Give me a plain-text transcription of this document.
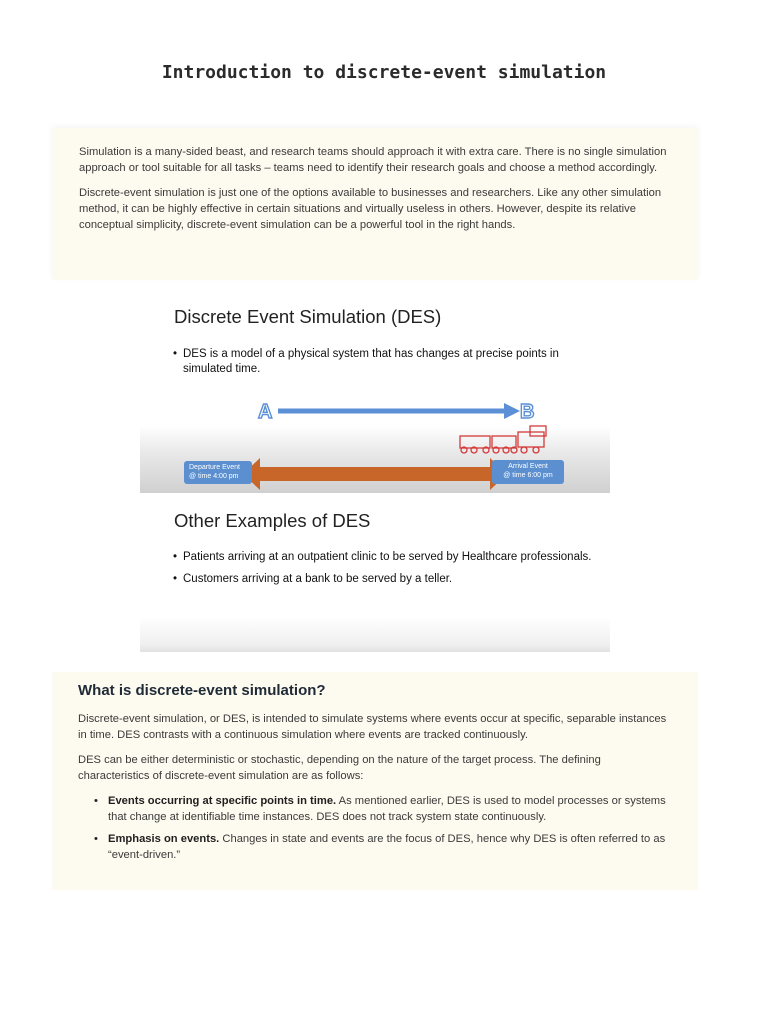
Introduction to discrete-event simulation

Simulation is a many-sided beast, and research teams should approach it with extra care. There is no single simulation approach or tool suitable for all tasks – teams need to identify their research goals and choose a method accordingly.

Discrete-event simulation is just one of the options available to businesses and researchers. Like any other simulation method, it can be highly effective in certain situations and virtually useless in others. However, despite its relative conceptual simplicity, discrete-event simulation can be a powerful tool in the right hands.

Discrete Event Simulation (DES)
• DES is a model of a physical system that has changes at precise points in simulated time.
A	B
Departure Event
@ time 4:00 pm
Arrival Event
@ time 6:00 pm
Other Examples of DES
• Patients arriving at an outpatient clinic to be served by Healthcare professionals.
• Customers arriving at a bank to be served by a teller.
What is discrete-event simulation?

Discrete-event simulation, or DES, is intended to simulate systems where events occur at specific, separable instances in time. DES contrasts with a continuous simulation where events are tracked continuously.

DES can be either deterministic or stochastic, depending on the nature of the target process. The defining characteristics of discrete-event simulation are as follows:

• Events occurring at specific points in time. As mentioned earlier, DES is used to model processes or systems that change at identifiable time instances. DES does not track system state continuously.
• Emphasis on events. Changes in state and events are the focus of DES, hence why DES is often referred to as “event-driven.”
